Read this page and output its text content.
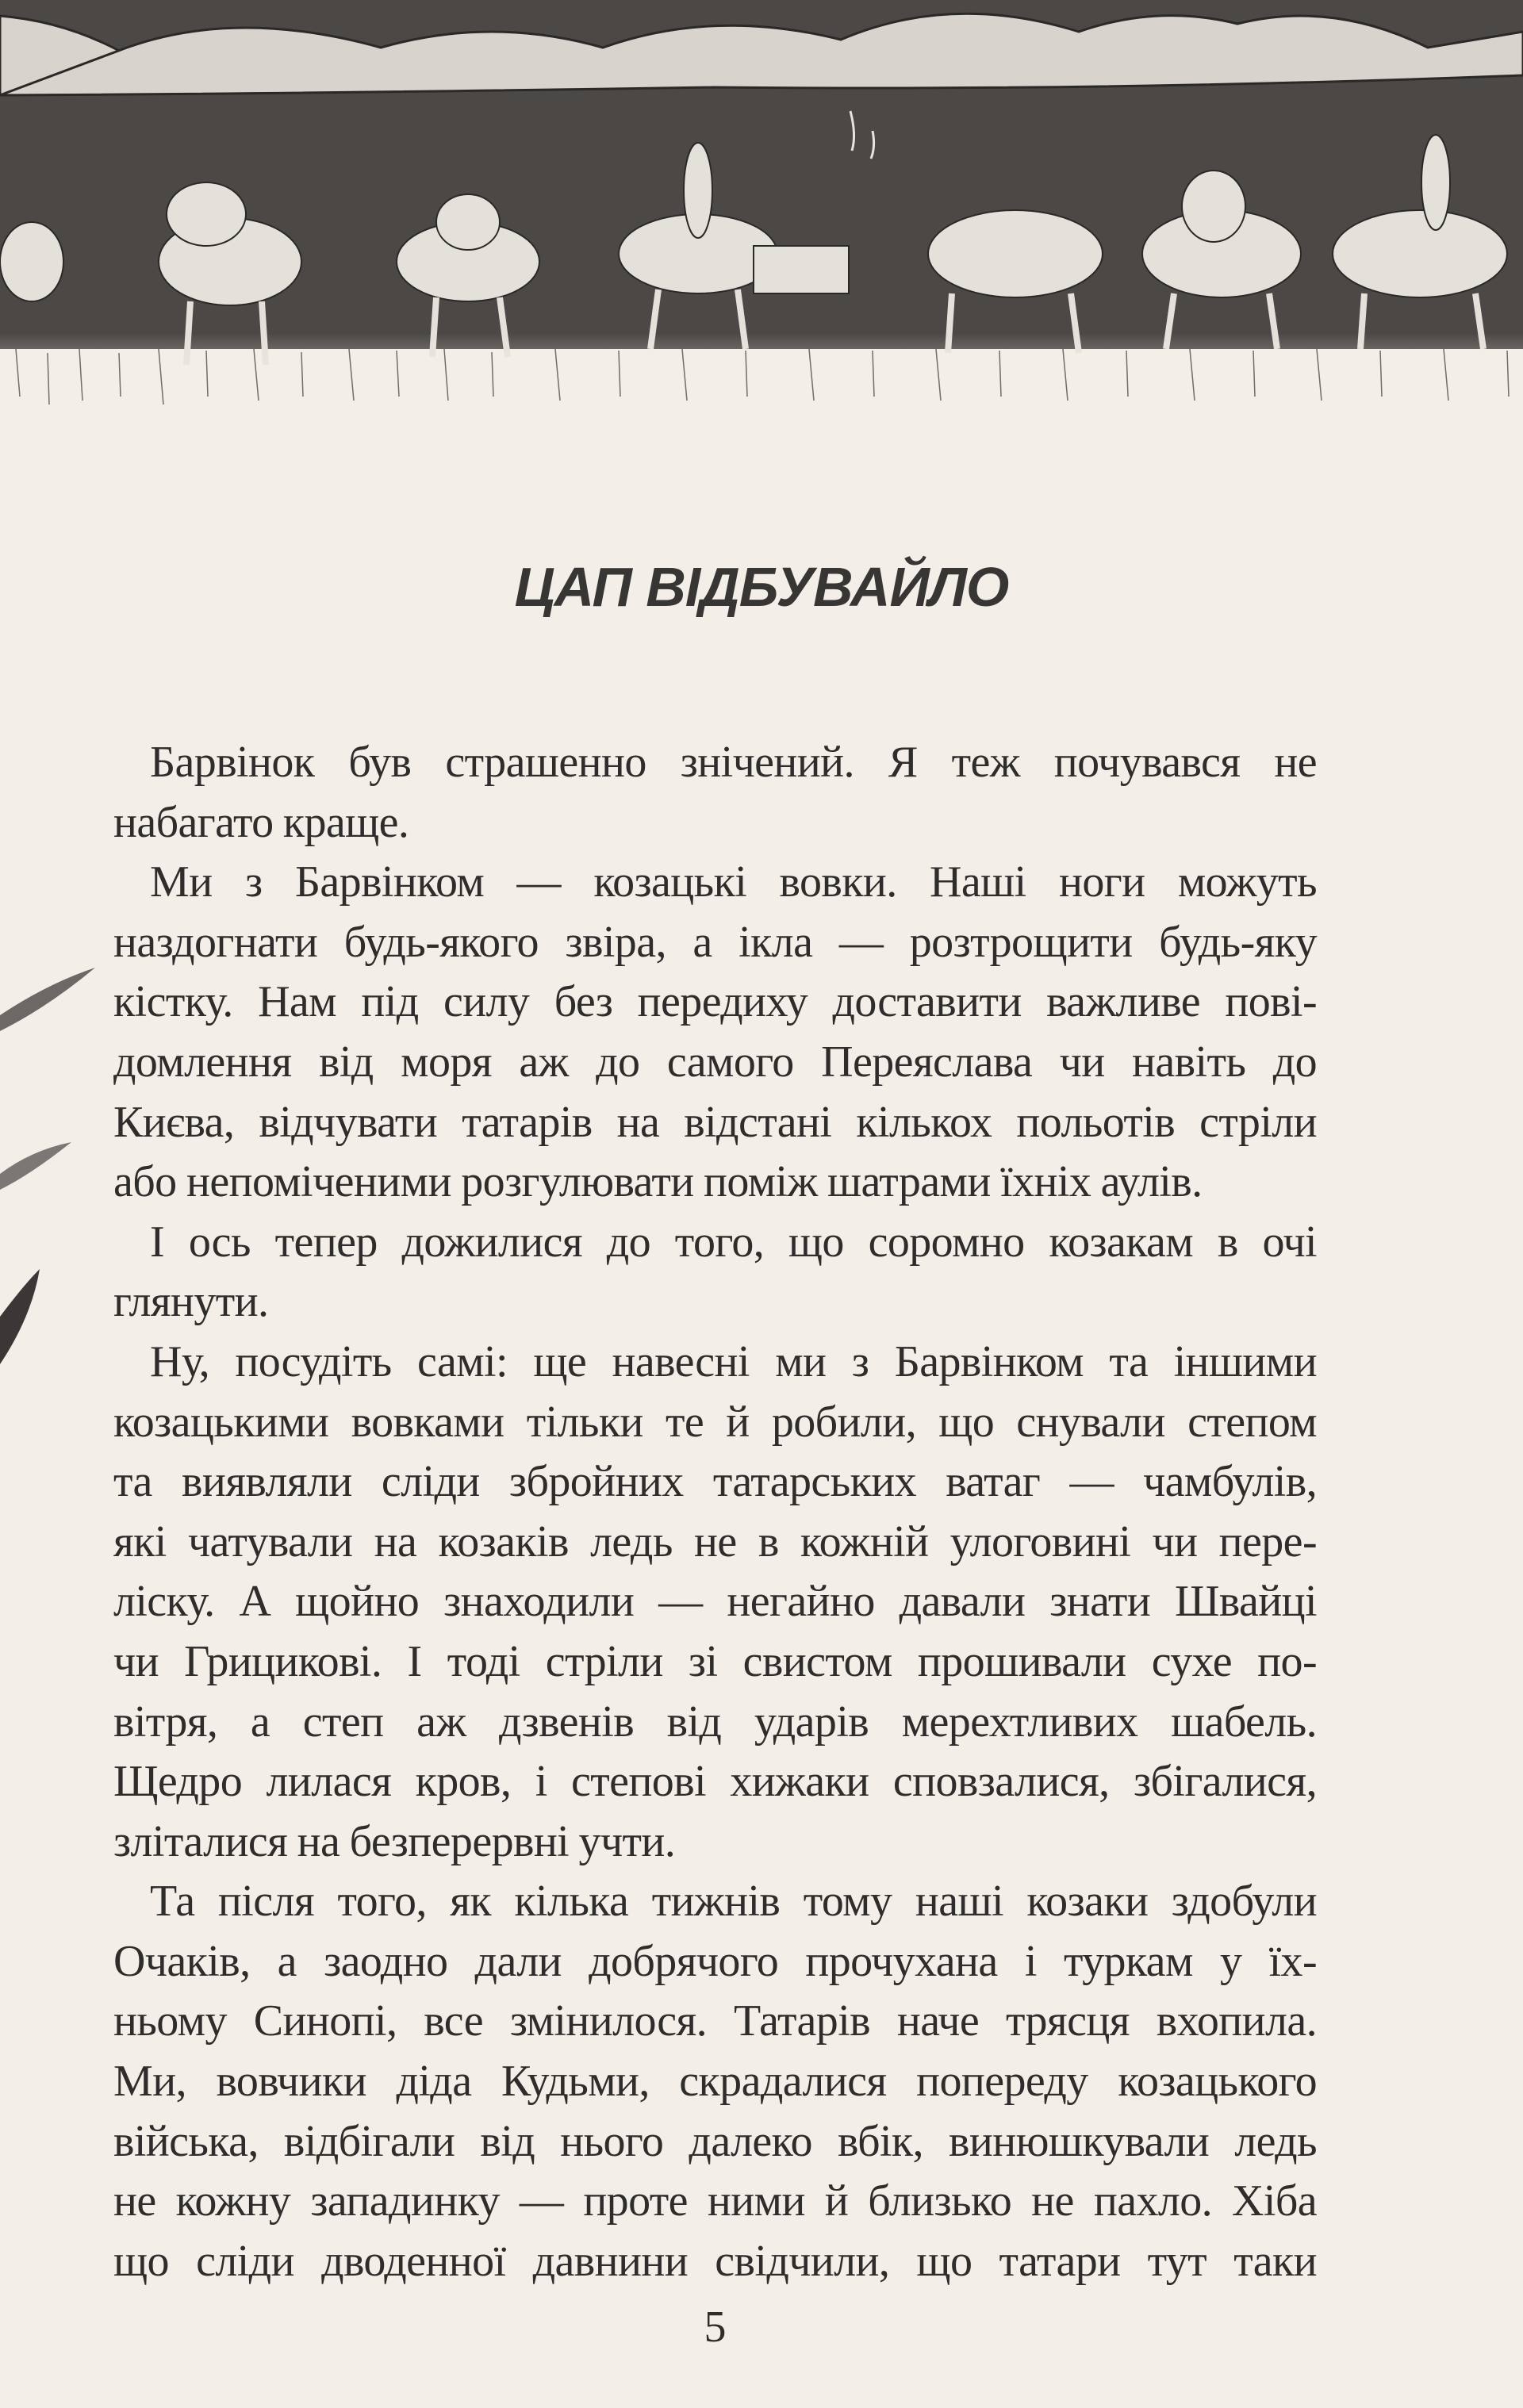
ЦАП ВІДБУВАЙЛО

Барвінок був страшенно знічений. Я теж почувався не
набагато краще.

Ми з Барвінком — козацькі вовки. Наші ноги можуть
наздогнати будь-якого звіра, а ікла — розтрощити будь-яку
кістку. Нам під силу без передиху доставити важливе пові-
домлення від моря аж до самого Переяслава чи навіть до
Києва, відчувати татарів на відстані кількох польотів стріли
або непоміченими розгулювати поміж шатрами їхніх аулів.

І ось тепер дожилися до того, що соромно козакам в очі
глянути.

Ну, посудіть самі: ще навесні ми з Барвінком та іншими
козацькими вовками тільки те й робили, що снували степом
та виявляли сліди збройних татарських ватаг — чамбулів,
які чатували на козаків ледь не в кожній улоговині чи пере-
ліску. А щойно знаходили — негайно давали знати Швайці
чи Грицикові. І тоді стріли зі свистом прошивали сухе по-
вітря, а степ аж дзвенів від ударів мерехтливих шабель.
Щедро лилася кров, і степові хижаки сповзалися, збігалися,
зліталися на безперервні учти.

Та після того, як кілька тижнів тому наші козаки здобули
Очаків, а заодно дали добрячого прочухана і туркам у їх-
ньому Синопі, все змінилося. Татарів наче трясця вхопила.
Ми, вовчики діда Кудьми, скрадалися попереду козацького
війська, відбігали від нього далеко вбік, винюшкували ледь
не кожну западинку — проте ними й близько не пахло. Хіба
що сліди дводенної давнини свідчили, що татари тут таки

5
